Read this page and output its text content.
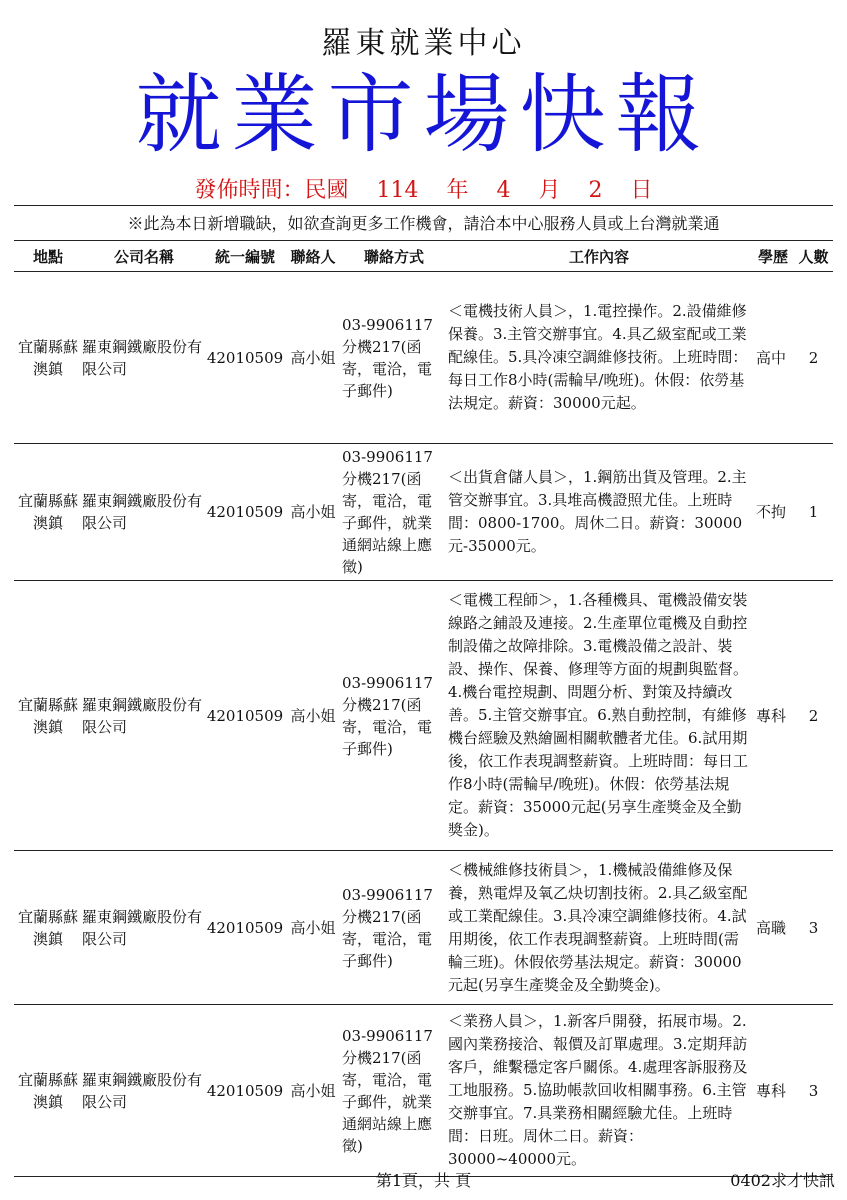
羅東就業中心
就業市場快報
發佈時間：民國 114 年 4 月 2 日
※此為本日新增職缺，如欲查詢更多工作機會，請洽本中心服務人員或上台灣就業通
地點	公司名稱	統一編號	聯絡人	聯絡方式	工作內容	學歷	人數
宜蘭縣蘇澳鎮	羅東鋼鐵廠股份有限公司	42010509	高小姐	03-9906117分機217(函寄，電洽，電子郵件)	＜電機技術人員＞，1.電控操作。2.設備維修保養。3.主管交辦事宜。4.具乙級室配或工業配線佳。5.具冷凍空調維修技術。上班時間：每日工作8小時(需輪早/晚班)。休假：依勞基法規定。薪資：30000元起。	高中	2
宜蘭縣蘇澳鎮	羅東鋼鐵廠股份有限公司	42010509	高小姐	03-9906117分機217(函寄，電洽，電子郵件，就業通網站線上應徵)	＜出貨倉儲人員＞，1.鋼筋出貨及管理。2.主管交辦事宜。3.具堆高機證照尤佳。上班時間：0800-1700。周休二日。薪資：30000元-35000元。	不拘	1
宜蘭縣蘇澳鎮	羅東鋼鐵廠股份有限公司	42010509	高小姐	03-9906117分機217(函寄，電洽，電子郵件)	＜電機工程師＞，1.各種機具、電機設備安裝線路之鋪設及連接。2.生產單位電機及自動控制設備之故障排除。3.電機設備之設計、裝設、操作、保養、修理等方面的規劃與監督。4.機台電控規劃、問題分析、對策及持續改善。5.主管交辦事宜。6.熟自動控制，有維修機台經驗及熟繪圖相關軟體者尤佳。6.試用期後，依工作表現調整薪資。上班時間：每日工作8小時(需輪早/晚班)。休假：依勞基法規定。薪資：35000元起(另享生產獎金及全勤獎金)。	專科	2
宜蘭縣蘇澳鎮	羅東鋼鐵廠股份有限公司	42010509	高小姐	03-9906117分機217(函寄，電洽，電子郵件)	＜機械維修技術員＞，1.機械設備維修及保養，熟電焊及氧乙炔切割技術。2.具乙級室配或工業配線佳。3.具冷凍空調維修技術。4.試用期後，依工作表現調整薪資。上班時間(需輪三班)。休假依勞基法規定。薪資：30000元起(另享生產獎金及全勤獎金)。	高職	3
宜蘭縣蘇澳鎮	羅東鋼鐵廠股份有限公司	42010509	高小姐	03-9906117分機217(函寄，電洽，電子郵件，就業通網站線上應徵)	＜業務人員＞，1.新客戶開發，拓展市場。2.國內業務接洽、報價及訂單處理。3.定期拜訪客戶，維繫穩定客戶關係。4.處理客訴服務及工地服務。5.協助帳款回收相關事務。6.主管交辦事宜。7.具業務相關經驗尤佳。上班時間：日班。周休二日。薪資：30000~40000元。	專科	3
第1頁，共 頁	0402求才快訊
